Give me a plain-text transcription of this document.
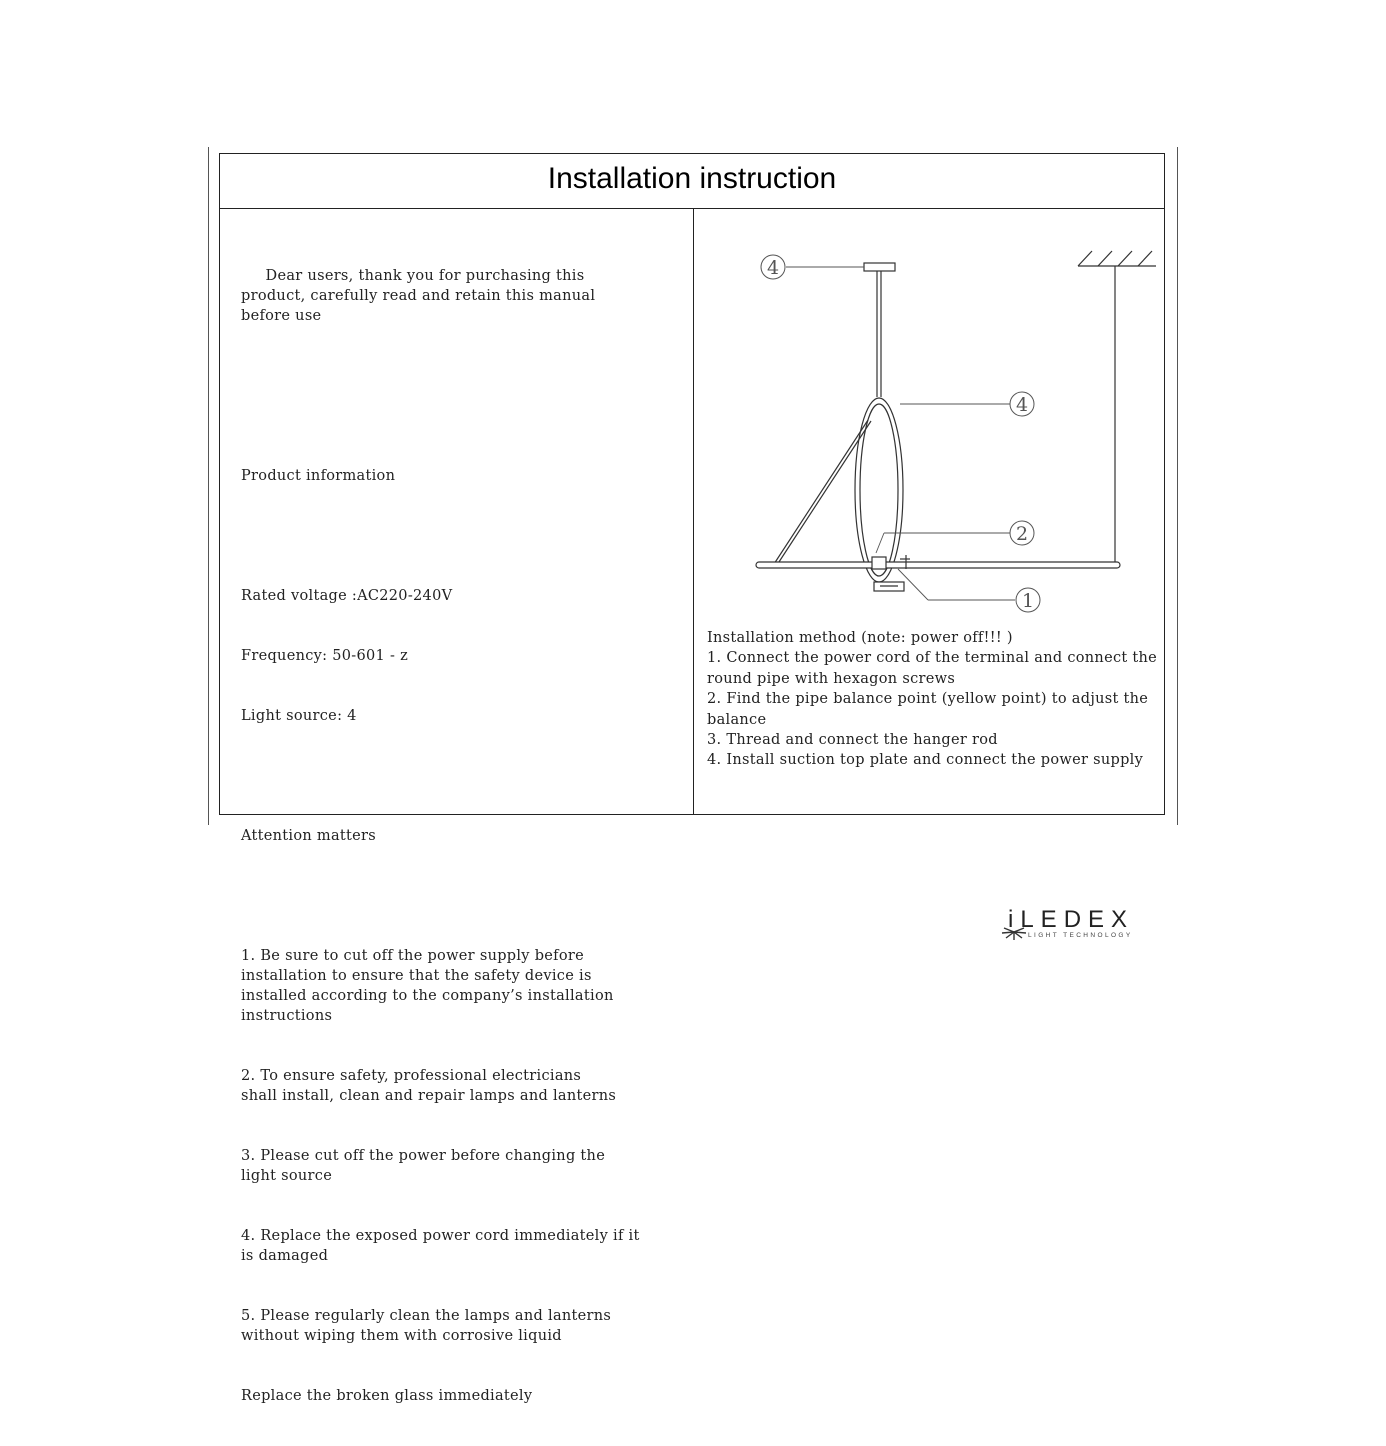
Installation instruction

Dear users, thank you for purchasing this
product, carefully read and retain this manual
before use

Product information

Rated voltage :AC220-240V

Frequency: 50-601 - z

Light source: 4

Attention matters

1. Be sure to cut off the power supply before
installation to ensure that the safety device is
installed according to the company’s installation
instructions

2. To ensure safety, professional electricians
shall install, clean and repair lamps and lanterns

3. Please cut off the power before changing the
light source

4. Replace the exposed power cord immediately if it
is damaged

5. Please regularly clean the lamps and lanterns
without wiping them with corrosive liquid

Replace the broken glass immediately

4
4
2
1

Installation method (note: power off!!! )

1. Connect the power cord of the terminal and connect the round pipe with hexagon screws

2. Find the pipe balance point (yellow point) to adjust the balance

3. Thread and connect the hanger rod

4. Install suction top plate and connect the power supply

iLEDEX
LIGHT TECHNOLOGY
